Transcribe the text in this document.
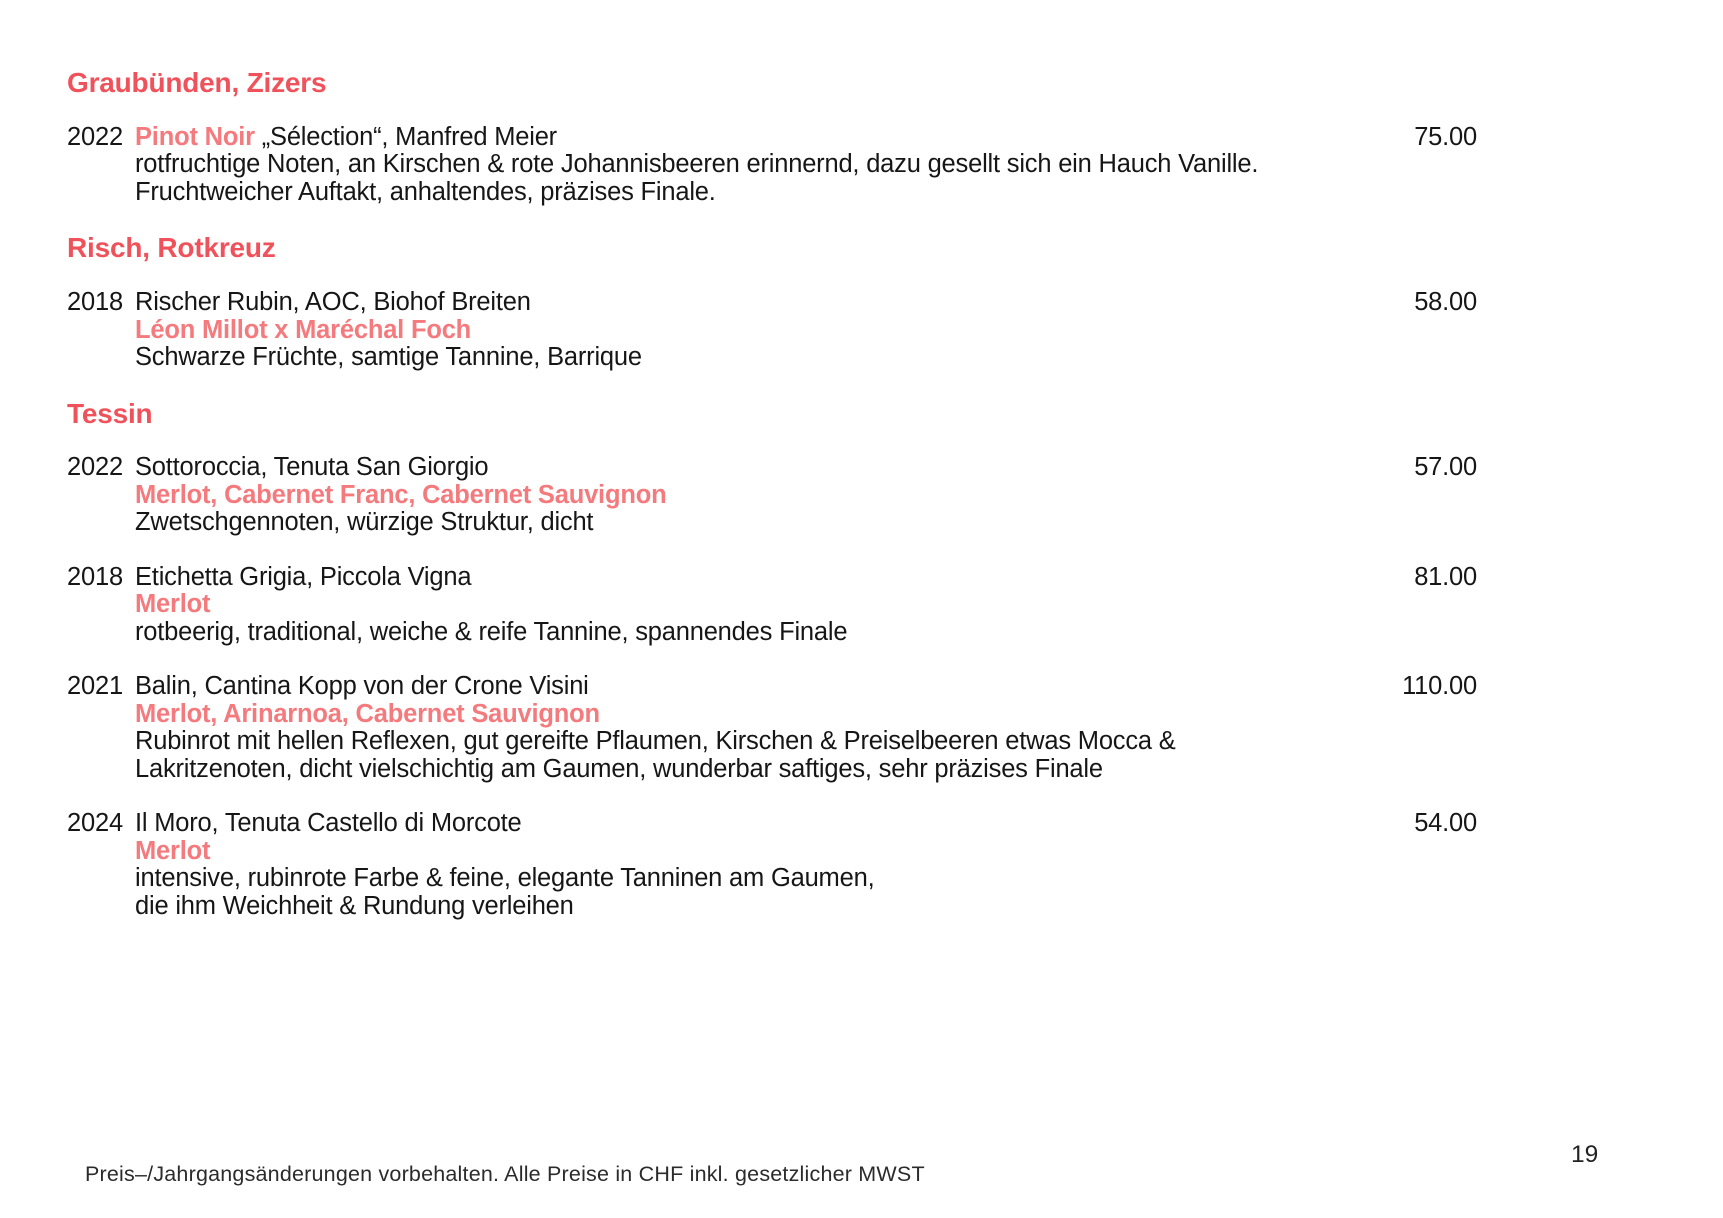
Graubünden, Zizers
2022 Pinot Noir „Sélection“, Manfred Meier
rotfruchtige Noten, an Kirschen & rote Johannisbeeren erinnernd, dazu gesellt sich ein Hauch Vanille.
Fruchtweicher Auftakt, anhaltendes, präzises Finale.
75.00
Risch, Rotkreuz
2018 Rischer Rubin, AOC, Biohof Breiten
Léon Millot x Maréchal Foch
Schwarze Früchte, samtige Tannine, Barrique
58.00
Tessin
2022 Sottoroccia, Tenuta San Giorgio
Merlot, Cabernet Franc, Cabernet Sauvignon
Zwetschgennoten, würzige Struktur, dicht
57.00
2018 Etichetta Grigia, Piccola Vigna
Merlot
rotbeerig, traditional, weiche & reife Tannine, spannendes Finale
81.00
2021 Balin, Cantina Kopp von der Crone Visini
Merlot, Arinarnoa, Cabernet Sauvignon
Rubinrot mit hellen Reflexen, gut gereifte Pflaumen, Kirschen & Preiselbeeren etwas Mocca &
Lakritzenoten, dicht vielschichtig am Gaumen, wunderbar saftiges, sehr präzises Finale
110.00
2024 Il Moro, Tenuta Castello di Morcote
Merlot
intensive, rubinrote Farbe & feine, elegante Tanninen am Gaumen,
die ihm Weichheit & Rundung verleihen
54.00
Preis–/Jahrgangsänderungen vorbehalten. Alle Preise in CHF inkl. gesetzlicher MWST
19
